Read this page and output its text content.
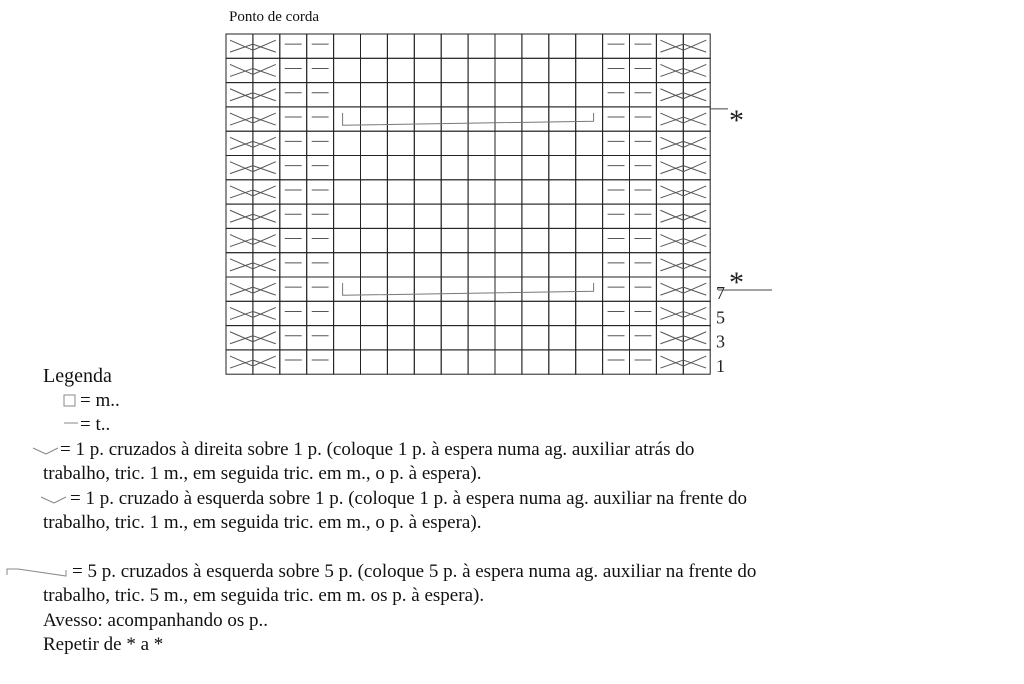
Ponto de corda
*
*
7
5
3
1
Legenda
= m..
= t..
= 1 p. cruzados à direita sobre 1 p. (coloque 1 p. à espera numa ag. auxiliar atrás do
trabalho, tric. 1 m., em seguida tric. em m., o p. à espera).
= 1 p. cruzado à esquerda sobre 1 p. (coloque 1 p. à espera numa ag. auxiliar na frente do
trabalho, tric. 1 m., em seguida tric. em m., o p. à espera).
= 5 p. cruzados à esquerda sobre 5 p. (coloque 5 p. à espera numa ag. auxiliar na frente do
trabalho, tric. 5 m., em seguida tric. em m. os p. à espera).
Avesso: acompanhando os p..
Repetir de * a *
